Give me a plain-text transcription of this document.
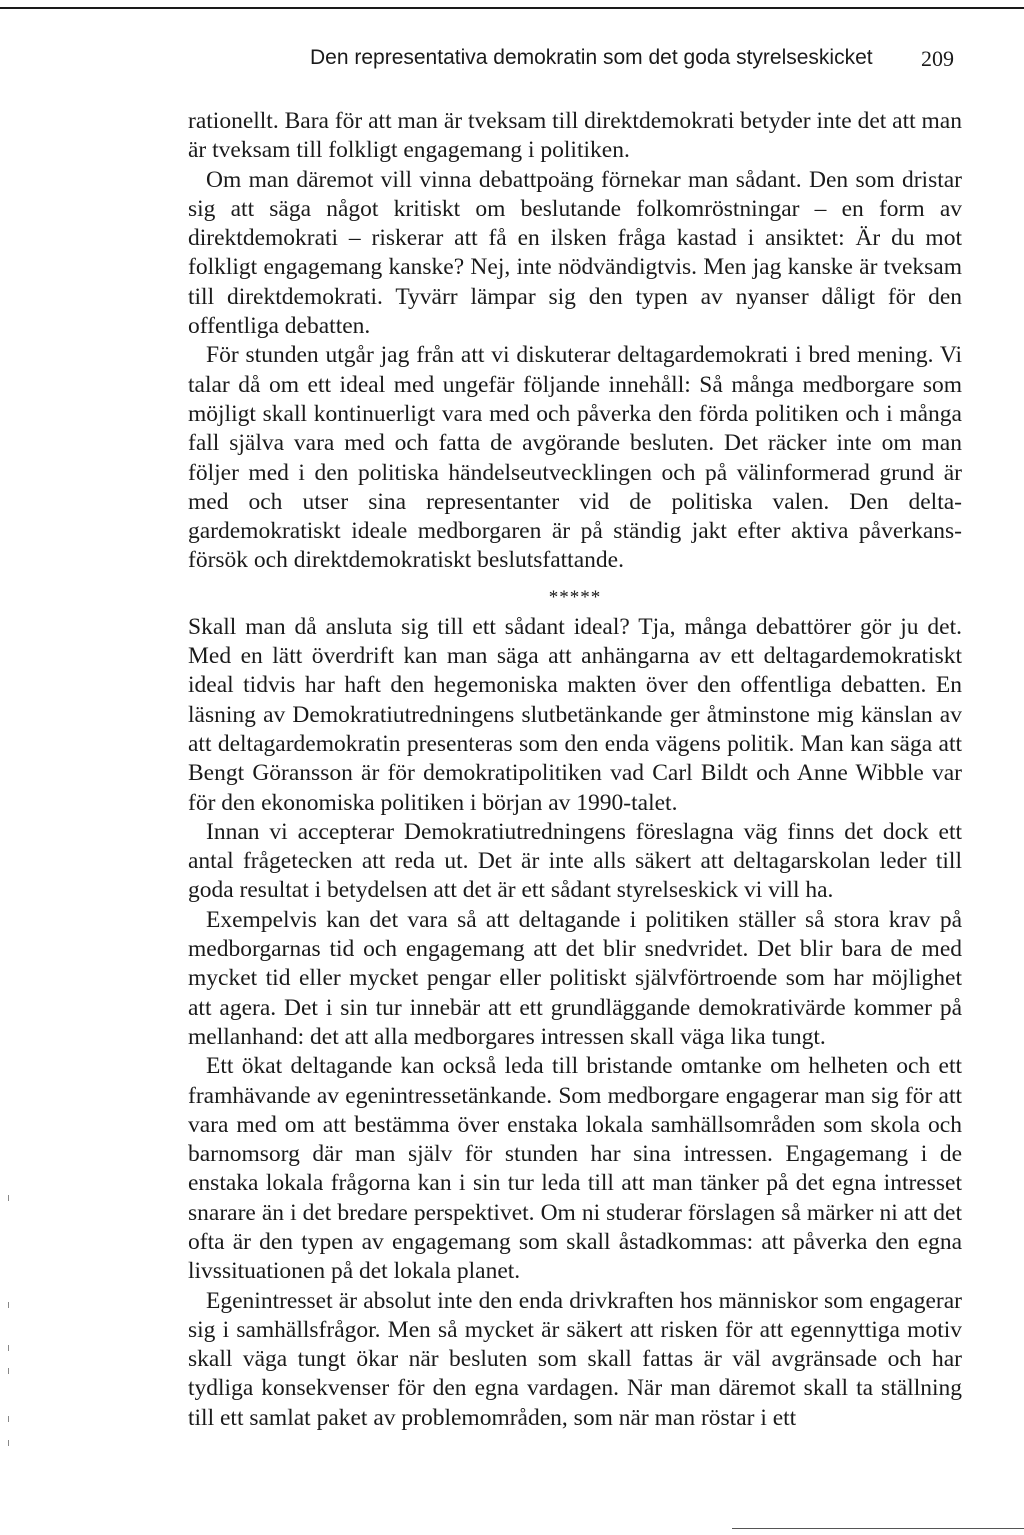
Den representativa demokratin som det goda styrelseskicket 209

rationellt. Bara för att man är tveksam till direktdemokrati betyder inte det att man är tveksam till folkligt engagemang i politiken.

Om man däremot vill vinna debattpoäng förnekar man sådant. Den som dristar sig att säga något kritiskt om beslutande folkomröstningar – en form av direktdemokrati – riskerar att få en ilsken fråga kastad i ansiktet: Är du mot folkligt engagemang kanske? Nej, inte nödvändigtvis. Men jag kanske är tveksam till direktdemokrati. Tyvärr lämpar sig den typen av nyanser dåligt för den offentliga debatten.

För stunden utgår jag från att vi diskuterar deltagardemokrati i bred mening. Vi talar då om ett ideal med ungefär följande innehåll: Så många medborgare som möjligt skall kontinuerligt vara med och påverka den förda politiken och i många fall själva vara med och fatta de avgörande besluten. Det räcker inte om man följer med i den politiska händelseutvecklingen och på välinformerad grund är med och utser sina representanter vid de politiska valen. Den deltagardemokratiskt ideale medborgaren är på ständig jakt efter aktiva påverkansförsök och direktdemokratiskt beslutsfattande.

*****

Skall man då ansluta sig till ett sådant ideal? Tja, många debattörer gör ju det. Med en lätt överdrift kan man säga att anhängarna av ett deltagardemokratiskt ideal tidvis har haft den hegemoniska makten över den offentliga debatten. En läsning av Demokratiutredningens slutbetänkande ger åtminstone mig känslan av att deltagardemokratin presenteras som den enda vägens politik. Man kan säga att Bengt Göransson är för demokratipolitiken vad Carl Bildt och Anne Wibble var för den ekonomiska politiken i början av 1990-talet.

Innan vi accepterar Demokratiutredningens föreslagna väg finns det dock ett antal frågetecken att reda ut. Det är inte alls säkert att deltagarskolan leder till goda resultat i betydelsen att det är ett sådant styrelseskick vi vill ha.

Exempelvis kan det vara så att deltagande i politiken ställer så stora krav på medborgarnas tid och engagemang att det blir snedvridet. Det blir bara de med mycket tid eller mycket pengar eller politiskt självförtroende som har möjlighet att agera. Det i sin tur innebär att ett grundläggande demokrativärde kommer på mellanhand: det att alla medborgares intressen skall väga lika tungt.

Ett ökat deltagande kan också leda till bristande omtanke om helheten och ett framhävande av egenintressetänkande. Som medborgare engagerar man sig för att vara med om att bestämma över enstaka lokala samhällsområden som skola och barnomsorg där man själv för stunden har sina intressen. Engagemang i de enstaka lokala frågorna kan i sin tur leda till att man tänker på det egna intresset snarare än i det bredare perspektivet. Om ni studerar förslagen så märker ni att det ofta är den typen av engagemang som skall åstadkommas: att påverka den egna livssituationen på det lokala planet.

Egenintresset är absolut inte den enda drivkraften hos människor som engagerar sig i samhällsfrågor. Men så mycket är säkert att risken för att egennyttiga motiv skall väga tungt ökar när besluten som skall fattas är väl avgränsade och har tydliga konsekvenser för den egna vardagen. När man däremot skall ta ställning till ett samlat paket av problemområden, som när man röstar i ett
